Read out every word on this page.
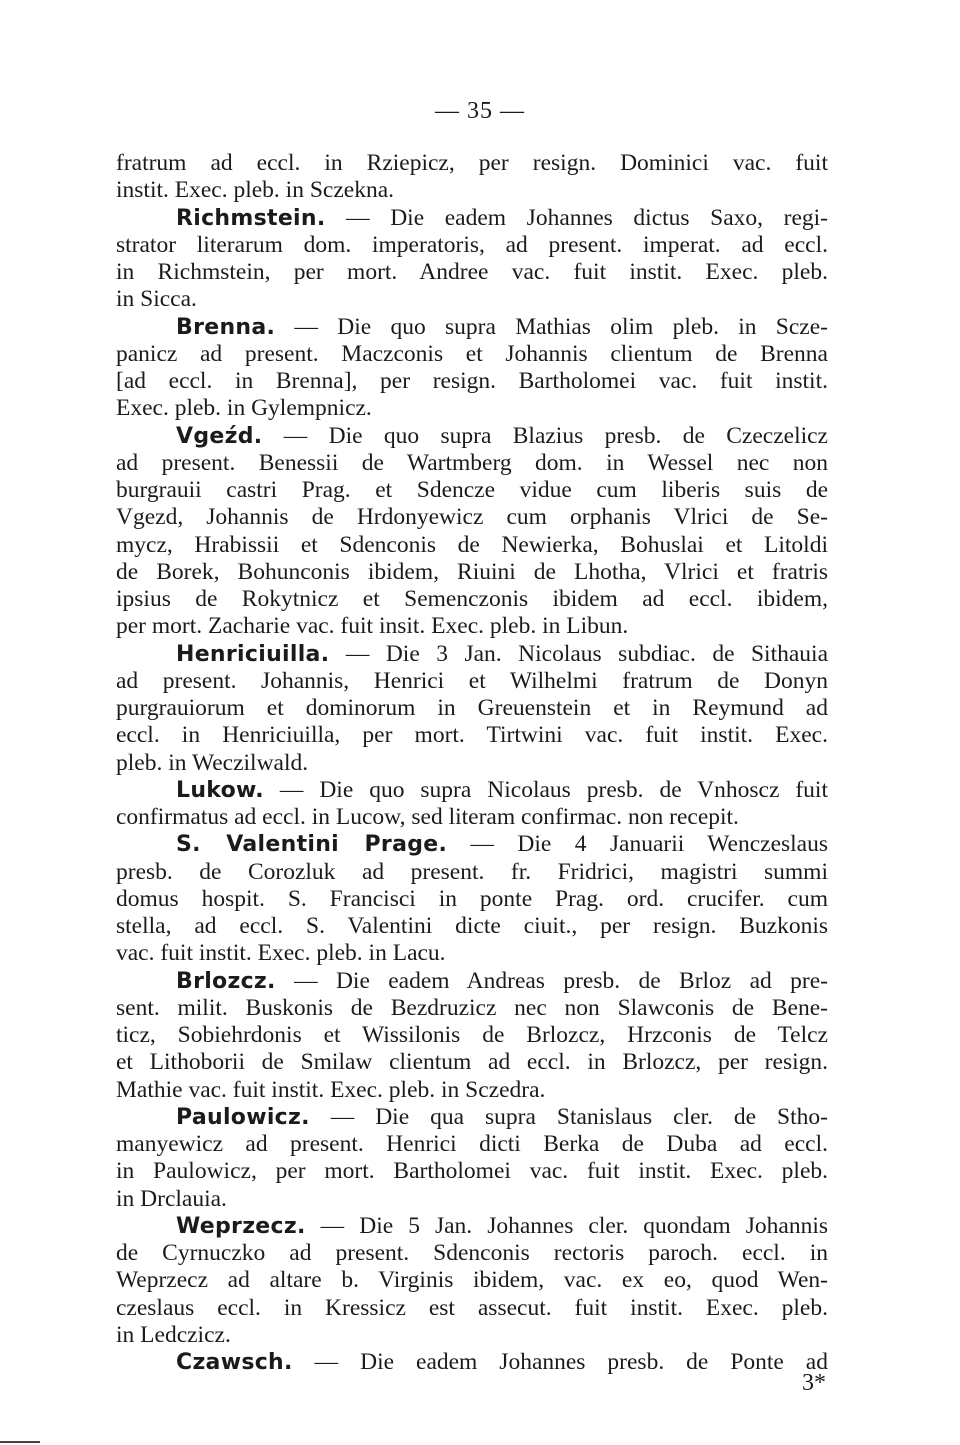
— 35 —
fratrum ad eccl. in Rziepicz, per resign. Dominici vac. fuit
instit. Exec. pleb. in Sczekna.
Richmstein. — Die eadem Johannes dictus Saxo, regi-
strator literarum dom. imperatoris, ad present. imperat. ad eccl.
in Richmstein, per mort. Andree vac. fuit instit. Exec. pleb.
in Sicca.
Brenna. — Die quo supra Mathias olim pleb. in Scze-
panicz ad present. Maczconis et Johannis clientum de Brenna
[ad eccl. in Brenna], per resign. Bartholomei vac. fuit instit.
Exec. pleb. in Gylempnicz.
Vgeźd. — Die quo supra Blazius presb. de Czeczelicz
ad present. Benessii de Wartmberg dom. in Wessel nec non
burgrauii castri Prag. et Sdencze vidue cum liberis suis de
Vgezd, Johannis de Hrdonyewicz cum orphanis Vlrici de Se-
mycz, Hrabissii et Sdenconis de Newierka, Bohuslai et Litoldi
de Borek, Bohunconis ibidem, Riuini de Lhotha, Vlrici et fratris
ipsius de Rokytnicz et Semenczonis ibidem ad eccl. ibidem,
per mort. Zacharie vac. fuit insit. Exec. pleb. in Libun.
Henriciuilla. — Die 3 Jan. Nicolaus subdiac. de Sithauia
ad present. Johannis, Henrici et Wilhelmi fratrum de Donyn
purgrauiorum et dominorum in Greuenstein et in Reymund ad
eccl. in Henriciuilla, per mort. Tirtwini vac. fuit instit. Exec.
pleb. in Weczilwald.
Lukow. — Die quo supra Nicolaus presb. de Vnhoscz fuit
confirmatus ad eccl. in Lucow, sed literam confirmac. non recepit.
S. Valentini Prage. — Die 4 Januarii Wenczeslaus
presb. de Corozluk ad present. fr. Fridrici, magistri summi
domus hospit. S. Francisci in ponte Prag. ord. crucifer. cum
stella, ad eccl. S. Valentini dicte ciuit., per resign. Buzkonis
vac. fuit instit. Exec. pleb. in Lacu.
Brlozcz. — Die eadem Andreas presb. de Brloz ad pre-
sent. milit. Buskonis de Bezdruzicz nec non Slawconis de Bene-
ticz, Sobiehrdonis et Wissilonis de Brlozcz, Hrzconis de Telcz
et Lithoborii de Smilaw clientum ad eccl. in Brlozcz, per resign.
Mathie vac. fuit instit. Exec. pleb. in Sczedra.
Paulowicz. — Die qua supra Stanislaus cler. de Stho-
manyewicz ad present. Henrici dicti Berka de Duba ad eccl.
in Paulowicz, per mort. Bartholomei vac. fuit instit. Exec. pleb.
in Drclauia.
Weprzecz. — Die 5 Jan. Johannes cler. quondam Johannis
de Cyrnuczko ad present. Sdenconis rectoris paroch. eccl. in
Weprzecz ad altare b. Virginis ibidem, vac. ex eo, quod Wen-
czeslaus eccl. in Kressicz est assecut. fuit instit. Exec. pleb.
in Ledczicz.
Czawsch. — Die eadem Johannes presb. de Ponte ad
3*
